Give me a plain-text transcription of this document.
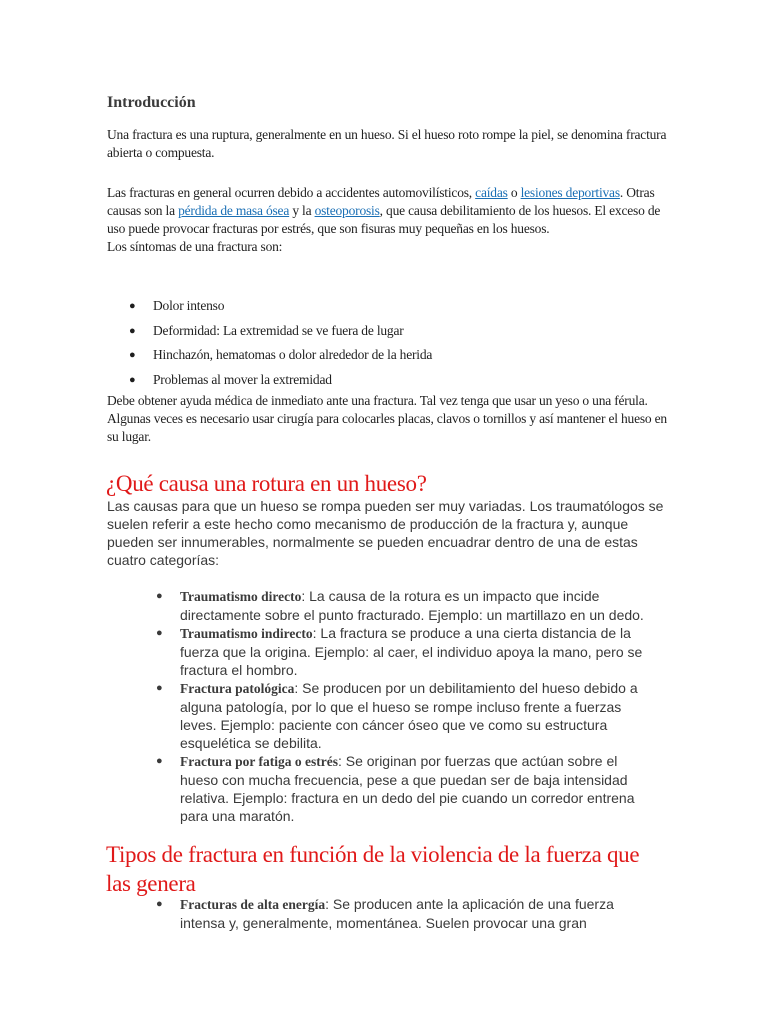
Introducción

Una fractura es una ruptura, generalmente en un hueso. Si el hueso roto rompe la piel, se denomina fractura abierta o compuesta.

Las fracturas en general ocurren debido a accidentes automovilísticos, caídas o lesiones deportivas. Otras causas son la pérdida de masa ósea y la osteoporosis, que causa debilitamiento de los huesos. El exceso de uso puede provocar fracturas por estrés, que son fisuras muy pequeñas en los huesos.
Los síntomas de una fractura son:

● Dolor intenso
● Deformidad: La extremidad se ve fuera de lugar
● Hinchazón, hematomas o dolor alrededor de la herida
● Problemas al mover la extremidad

Debe obtener ayuda médica de inmediato ante una fractura. Tal vez tenga que usar un yeso o una férula. Algunas veces es necesario usar cirugía para colocarles placas, clavos o tornillos y así mantener el hueso en su lugar.

¿Qué causa una rotura en un hueso?

Las causas para que un hueso se rompa pueden ser muy variadas. Los traumatólogos se suelen referir a este hecho como mecanismo de producción de la fractura y, aunque pueden ser innumerables, normalmente se pueden encuadrar dentro de una de estas cuatro categorías:

● Traumatismo directo: La causa de la rotura es un impacto que incide directamente sobre el punto fracturado. Ejemplo: un martillazo en un dedo.
● Traumatismo indirecto: La fractura se produce a una cierta distancia de la fuerza que la origina. Ejemplo: al caer, el individuo apoya la mano, pero se fractura el hombro.
● Fractura patológica: Se producen por un debilitamiento del hueso debido a alguna patología, por lo que el hueso se rompe incluso frente a fuerzas leves. Ejemplo: paciente con cáncer óseo que ve como su estructura esquelética se debilita.
● Fractura por fatiga o estrés: Se originan por fuerzas que actúan sobre el hueso con mucha frecuencia, pese a que puedan ser de baja intensidad relativa. Ejemplo: fractura en un dedo del pie cuando un corredor entrena para una maratón.
Tipos de fractura en función de la violencia de la fuerza que las genera
● Fracturas de alta energía: Se producen ante la aplicación de una fuerza intensa y, generalmente, momentánea. Suelen provocar una gran
